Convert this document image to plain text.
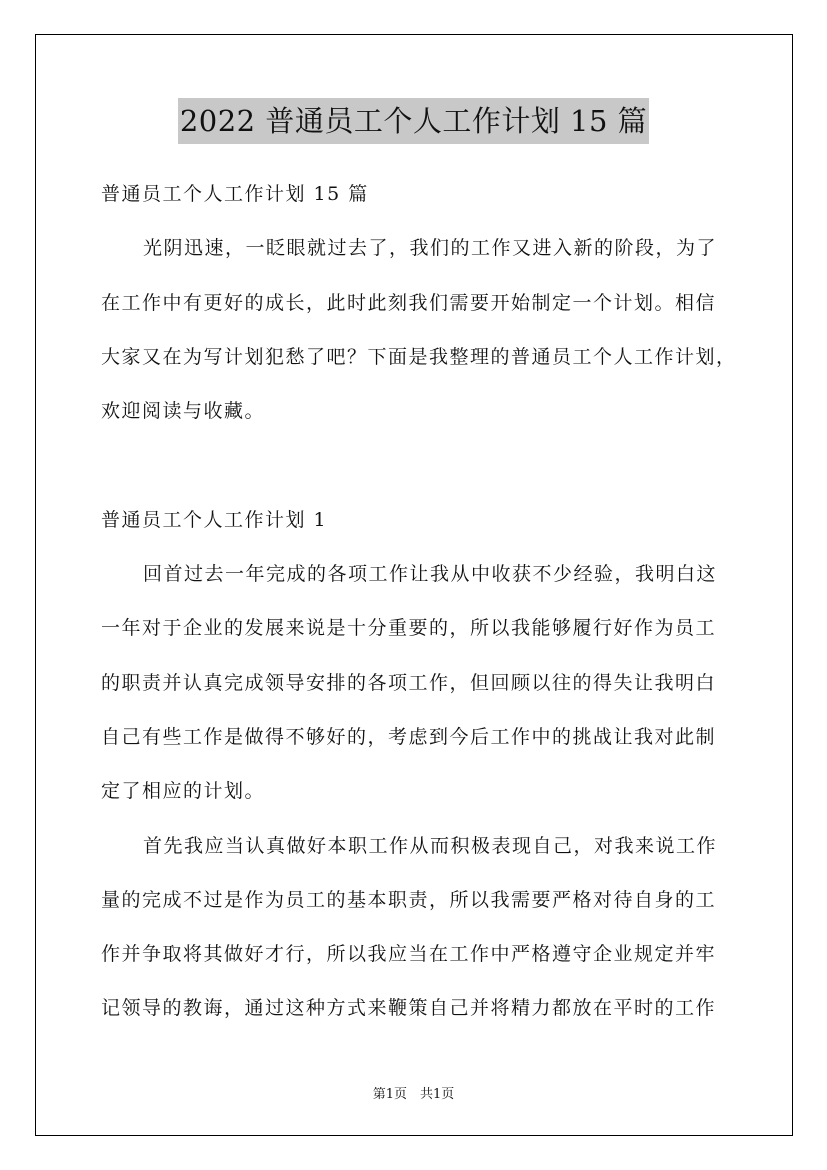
2022 普通员工个人工作计划 15 篇
普通员工个人工作计划 15 篇
光阴迅速，一眨眼就过去了，我们的工作又进入新的阶段，为了
在工作中有更好的成长，此时此刻我们需要开始制定一个计划。相信
大家又在为写计划犯愁了吧？下面是我整理的普通员工个人工作计划，
欢迎阅读与收藏。
普通员工个人工作计划 1
回首过去一年完成的各项工作让我从中收获不少经验，我明白这
一年对于企业的发展来说是十分重要的，所以我能够履行好作为员工
的职责并认真完成领导安排的各项工作，但回顾以往的得失让我明白
自己有些工作是做得不够好的，考虑到今后工作中的挑战让我对此制
定了相应的计划。
首先我应当认真做好本职工作从而积极表现自己，对我来说工作
量的完成不过是作为员工的基本职责，所以我需要严格对待自身的工
作并争取将其做好才行，所以我应当在工作中严格遵守企业规定并牢
记领导的教诲，通过这种方式来鞭策自己并将精力都放在平时的工作
第1页　共1页
